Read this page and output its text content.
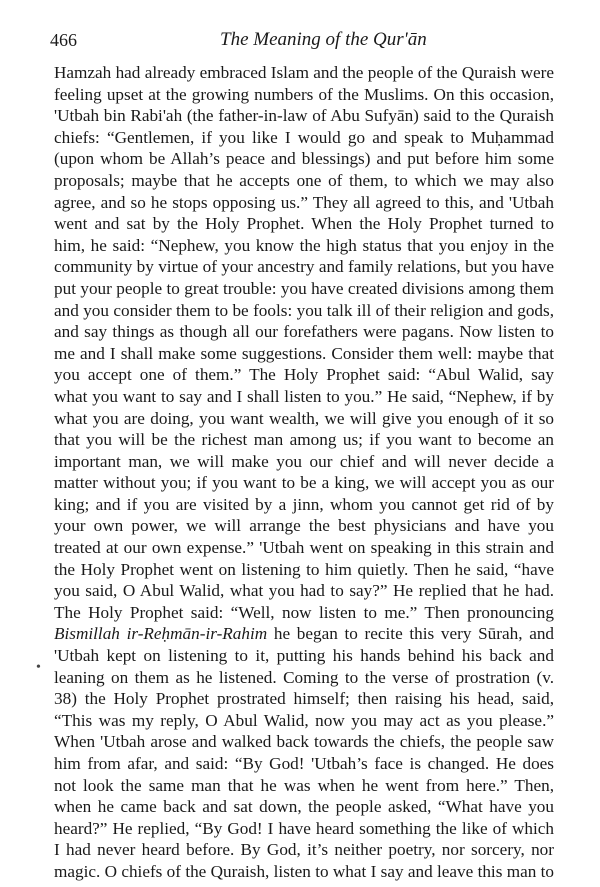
466	The Meaning of the Qur'ān
Hamzah had already embraced Islam and the people of the Quraish were
feeling upset at the growing numbers of the Muslims. On this occasion,
'Utbah bin Rabi'ah (the father-in-law of Abu Sufyān) said to the Quraish
chiefs: “Gentlemen, if you like I would go and speak to Muḥammad
(upon whom be Allah’s peace and blessings) and put before him some
proposals; maybe that he accepts one of them, to which we may also
agree, and so he stops opposing us.” They all agreed to this, and 'Utbah
went and sat by the Holy Prophet. When the Holy Prophet turned to
him, he said: “Nephew, you know the high status that you enjoy in the
community by virtue of your ancestry and family relations, but you have
put your people to great trouble: you have created divisions among them
and you consider them to be fools: you talk ill of their religion and gods,
and say things as though all our forefathers were pagans. Now listen to
me and I shall make some suggestions. Consider them well: maybe that
you accept one of them.” The Holy Prophet said: “Abul Walid, say
what you want to say and I shall listen to you.” He said, “Nephew, if by
what you are doing, you want wealth, we will give you enough of it so
that you will be the richest man among us; if you want to become an
important man, we will make you our chief and will never decide a
matter without you; if you want to be a king, we will accept you as our
king; and if you are visited by a jinn, whom you cannot get rid of by
your own power, we will arrange the best physicians and have you
treated at our own expense.” 'Utbah went on speaking in this strain and
the Holy Prophet went on listening to him quietly. Then he said, “have
you said, O Abul Walid, what you had to say?” He replied that he had.
The Holy Prophet said: “Well, now listen to me.” Then pronouncing
Bismillah ir-Reḥmān-ir-Rahim he began to recite this very Sūrah, and
'Utbah kept on listening to it, putting his hands behind his back and
leaning on them as he listened. Coming to the verse of prostration (v.
38) the Holy Prophet prostrated himself; then raising his head, said,
“This was my reply, O Abul Walid, now you may act as you please.”
When 'Utbah arose and walked back towards the chiefs, the people saw
him from afar, and said: “By God! 'Utbah’s face is changed. He does
not look the same man that he was when he went from here.” Then,
when he came back and sat down, the people asked, “What have you
heard?” He replied, “By God! I have heard something the like of which
I had never heard before. By God, it’s neither poetry, nor sorcery, nor
magic. O chiefs of the Quraish, listen to what I say and leave this man to
•
